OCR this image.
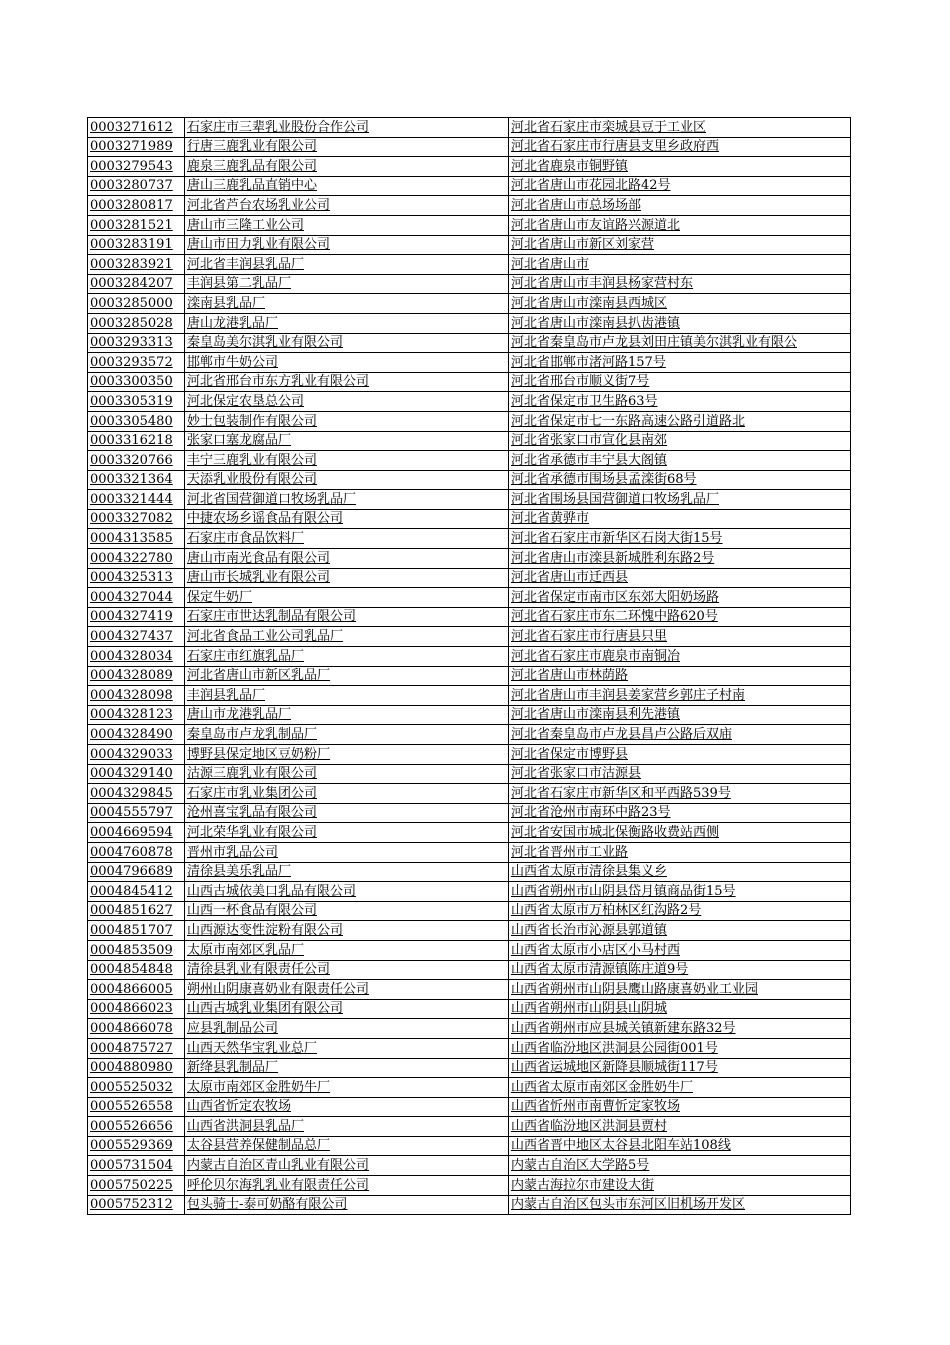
0003271612	石家庄市三辈乳业股份合作公司	河北省石家庄市栾城县豆于工业区
0003271989	行唐三鹿乳业有限公司	河北省石家庄市行唐县支里乡政府西
0003279543	鹿泉三鹿乳品有限公司	河北省鹿泉市铜野镇
0003280737	唐山三鹿乳品直销中心	河北省唐山市花园北路42号
0003280817	河北省芦台农场乳业公司	河北省唐山市总场场部
0003281521	唐山市三隆工业公司	河北省唐山市友谊路兴源道北
0003283191	唐山市田力乳业有限公司	河北省唐山市新区刘家营
0003283921	河北省丰润县乳品厂	河北省唐山市
0003284207	丰润县第二乳品厂	河北省唐山市丰润县杨家营村东
0003285000	滦南县乳品厂	河北省唐山市滦南县西城区
0003285028	唐山龙港乳品厂	河北省唐山市滦南县扒齿港镇
0003293313	秦皇岛美尔淇乳业有限公司	河北省秦皇岛市卢龙县刘田庄镇美尔淇乳业有限公
0003293572	邯郸市牛奶公司	河北省邯郸市渚河路157号
0003300350	河北省邢台市东方乳业有限公司	河北省邢台市顺义街7号
0003305319	河北保定农垦总公司	河北省保定市卫生路63号
0003305480	妙士包装制作有限公司	河北省保定市七一东路高速公路引道路北
0003316218	张家口塞龙腐品厂	河北省张家口市宣化县南郊
0003320766	丰宁三鹿乳业有限公司	河北省承德市丰宁县大阁镇
0003321364	天添乳业股份有限公司	河北省承德市围场县孟滦街68号
0003321444	河北省国营御道口牧场乳品厂	河北省围场县国营御道口牧场乳品厂
0003327082	中捷农场乡谣食品有限公司	河北省黄骅市
0004313585	石家庄市食品饮料厂	河北省石家庄市新华区石岗大街15号
0004322780	唐山市南光食品有限公司	河北省唐山市滦县新城胜利东路2号
0004325313	唐山市长城乳业有限公司	河北省唐山市迁西县
0004327044	保定牛奶厂	河北省保定市南市区东郊大阳奶场路
0004327419	石家庄市世达乳制品有限公司	河北省石家庄市东二环愧中路620号
0004327437	河北省食品工业公司乳品厂	河北省石家庄市行唐县只里
0004328034	石家庄市红旗乳品厂	河北省石家庄市鹿泉市南铜冶
0004328089	河北省唐山市新区乳品厂	河北省唐山市林荫路
0004328098	丰润县乳品厂	河北省唐山市丰润县姜家营乡郭庄子村南
0004328123	唐山市龙港乳品厂	河北省唐山市滦南县利先港镇
0004328490	秦皇岛市卢龙乳制品厂	河北省秦皇岛市卢龙县昌卢公路后双庙
0004329033	博野县保定地区豆奶粉厂	河北省保定市博野县
0004329140	沽源三鹿乳业有限公司	河北省张家口市沽源县
0004329845	石家庄市乳业集团公司	河北省石家庄市新华区和平西路539号
0004555797	沧州喜宝乳品有限公司	河北省沧州市南环中路23号
0004669594	河北荣华乳业有限公司	河北省安国市城北保衡路收费站西侧
0004760878	晋州市乳品公司	河北省晋州市工业路
0004796689	清徐县美乐乳品厂	山西省太原市清徐县集义乡
0004845412	山西古城依美口乳品有限公司	山西省朔州市山阴县岱月镇商品街15号
0004851627	山西一杯食品有限公司	山西省太原市万柏林区红沟路2号
0004851707	山西源达变性淀粉有限公司	山西省长治市沁源县郭道镇
0004853509	太原市南郊区乳品厂	山西省太原市小店区小马村西
0004854848	清徐县乳业有限责任公司	山西省太原市清源镇陈庄道9号
0004866005	朔州山阴康喜奶业有限责任公司	山西省朔州市山阴县鹰山路康喜奶业工业园
0004866023	山西古城乳业集团有限公司	山西省朔州市山阴县山阴城
0004866078	应县乳制品公司	山西省朔州市应县城关镇新建东路32号
0004875727	山西天然华宝乳业总厂	山西省临汾地区洪洞县公园街001号
0004880980	新绛县乳制品厂	山西省运城地区新降县顺城街117号
0005525032	太原市南郊区金胜奶牛厂	山西省太原市南郊区金胜奶牛厂
0005526558	山西省忻定农牧场	山西省忻州市南曹忻定家牧场
0005526656	山西省洪洞县乳品厂	山西省临汾地区洪洞县贾村
0005529369	太谷县营养保健制品总厂	山西省晋中地区太谷县北阳车站108线
0005731504	内蒙古自治区青山乳业有限公司	内蒙古自治区大学路5号
0005750225	呼伦贝尔海乳乳业有限责任公司	内蒙古海拉尔市建设大街
0005752312	包头骑士-泰可奶酪有限公司	内蒙古自治区包头市东河区旧机场开发区
